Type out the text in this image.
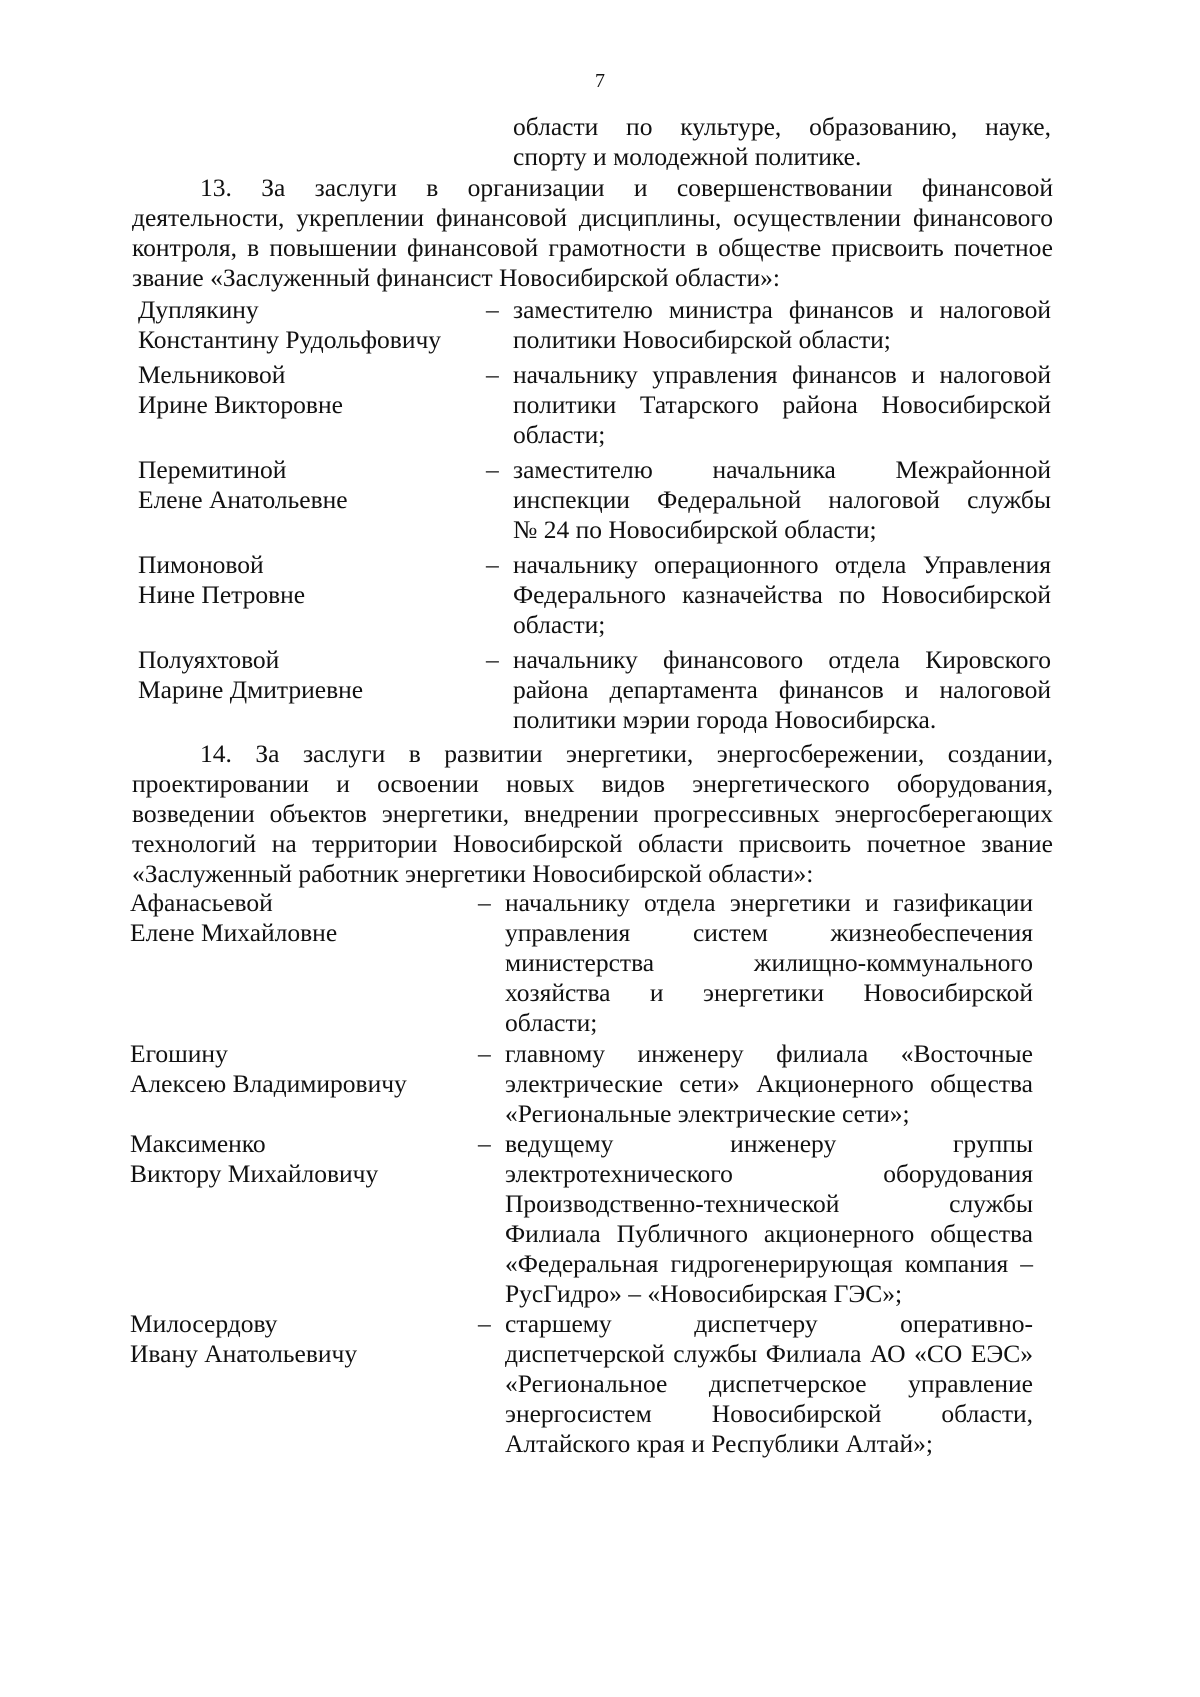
7
области по культуре, образованию, науке,
спорту и молодежной политике.
13. За заслуги в организации и совершенствовании финансовой
деятельности, укреплении финансовой дисциплины, осуществлении финансового
контроля, в повышении финансовой грамотности в обществе присвоить почетное
звание «Заслуженный финансист Новосибирской области»:
Дуплякину
Константину Рудольфовичу
– заместителю министра финансов и налоговой
политики Новосибирской области;
Мельниковой
Ирине Викторовне
– начальнику управления финансов и налоговой
политики Татарского района Новосибирской
области;
Перемитиной
Елене Анатольевне
– заместителю начальника Межрайонной
инспекции Федеральной налоговой службы
№ 24 по Новосибирской области;
Пимоновой
Нине Петровне
– начальнику операционного отдела Управления
Федерального казначейства по Новосибирской
области;
Полуяхтовой
Марине Дмитриевне
– начальнику финансового отдела Кировского
района департамента финансов и налоговой
политики мэрии города Новосибирска.
14. За заслуги в развитии энергетики, энергосбережении, создании,
проектировании и освоении новых видов энергетического оборудования,
возведении объектов энергетики, внедрении прогрессивных энергосберегающих
технологий на территории Новосибирской области присвоить почетное звание
«Заслуженный работник энергетики Новосибирской области»:
Афанасьевой
Елене Михайловне
– начальнику отдела энергетики и газификации
управления систем жизнеобеспечения
министерства жилищно-коммунального
хозяйства и энергетики Новосибирской
области;
Егошину
Алексею Владимировичу
– главному инженеру филиала «Восточные
электрические сети» Акционерного общества
«Региональные электрические сети»;
Максименко
Виктору Михайловичу
– ведущему инженеру группы
электротехнического оборудования
Производственно-технической службы
Филиала Публичного акционерного общества
«Федеральная гидрогенерирующая компания –
РусГидро» – «Новосибирская ГЭС»;
Милосердову
Ивану Анатольевичу
– старшему диспетчеру оперативно-
диспетчерской службы Филиала АО «СО ЕЭС»
«Региональное диспетчерское управление
энергосистем Новосибирской области,
Алтайского края и Республики Алтай»;
